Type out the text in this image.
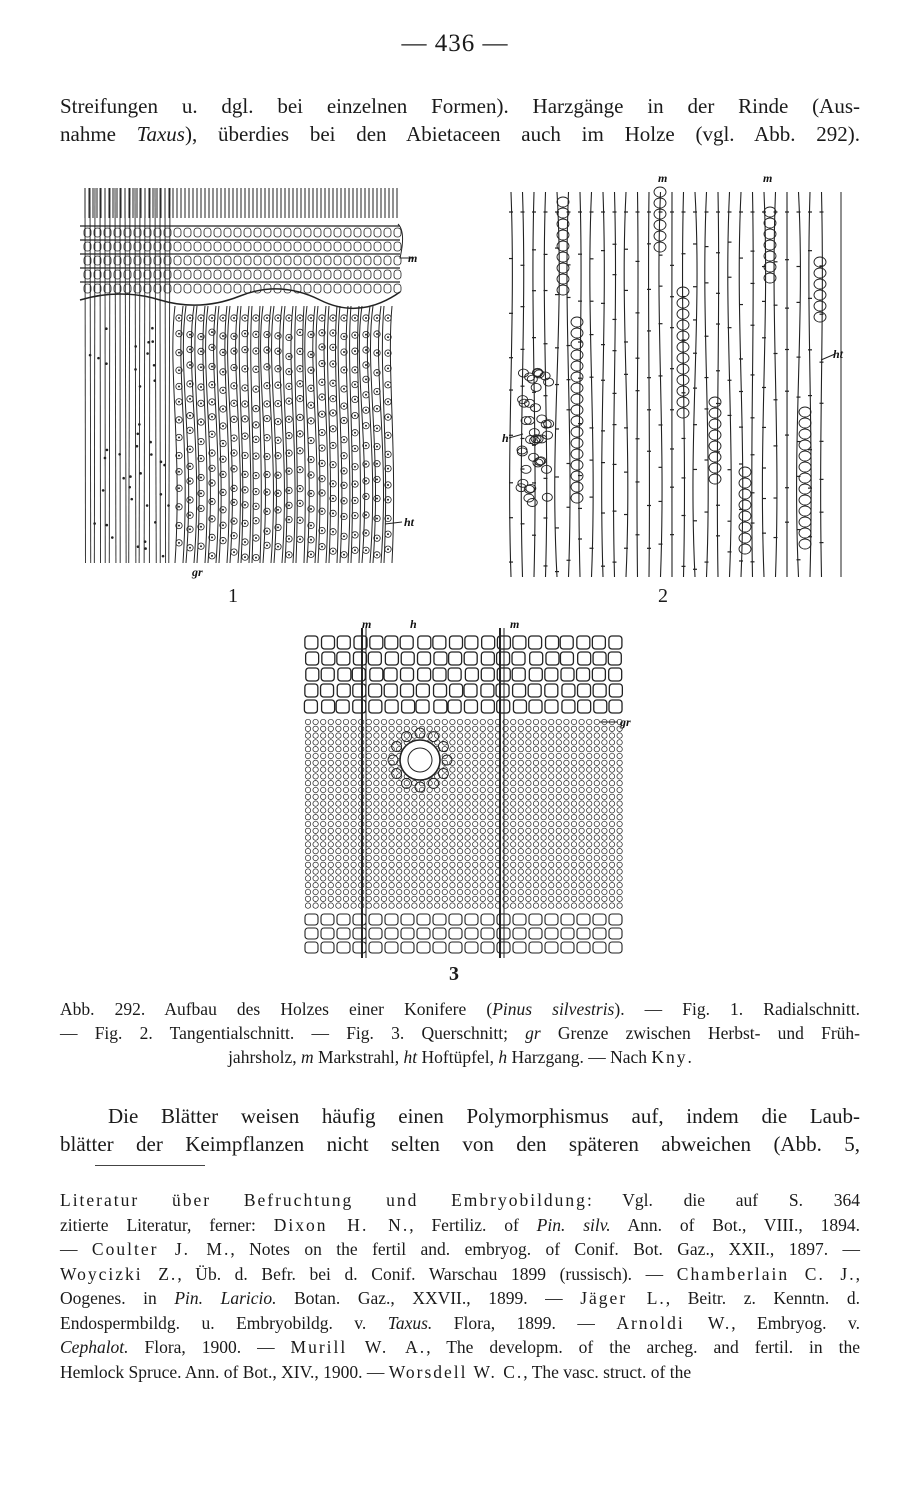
— 436 —
Streifungen u. dgl. bei einzelnen Formen). Harzgänge in der Rinde (Aus-
nahme Taxus), überdies bei den Abietaceen auch im Holze (vgl. Abb. 292).
m
ht
gr
1
m	m
ht
h
2
m	h	m
gr
3
Abb. 292. Aufbau des Holzes einer Konifere (Pinus silvestris). — Fig. 1. Radialschnitt.
— Fig. 2. Tangentialschnitt. — Fig. 3. Querschnitt; gr Grenze zwischen Herbst- und Früh-
jahrsholz, m Markstrahl, ht Hoftüpfel, h Harzgang. — Nach Kny.
Die Blätter weisen häufig einen Polymorphismus auf, indem die Laub-
blätter der Keimpflanzen nicht selten von den späteren abweichen (Abb. 5,
Literatur über Befruchtung und Embryobildung: Vgl. die auf S. 364
zitierte Literatur, ferner: Dixon H. N., Fertiliz. of Pin. silv. Ann. of Bot., VIII., 1894.
— Coulter J. M., Notes on the fertil and. embryog. of Conif. Bot. Gaz., XXII., 1897. —
Woycizki Z., Üb. d. Befr. bei d. Conif. Warschau 1899 (russisch). — Chamberlain C. J.,
Oogenes. in Pin. Laricio. Botan. Gaz., XXVII., 1899. — Jäger L., Beitr. z. Kenntn. d.
Endospermbildg. u. Embryobildg. v. Taxus. Flora, 1899. — Arnoldi W., Embryog. v.
Cephalot. Flora, 1900. — Murill W. A., The developm. of the archeg. and fertil. in the
Hemlock Spruce. Ann. of Bot., XIV., 1900. — Worsdell W. C., The vasc. struct. of the
